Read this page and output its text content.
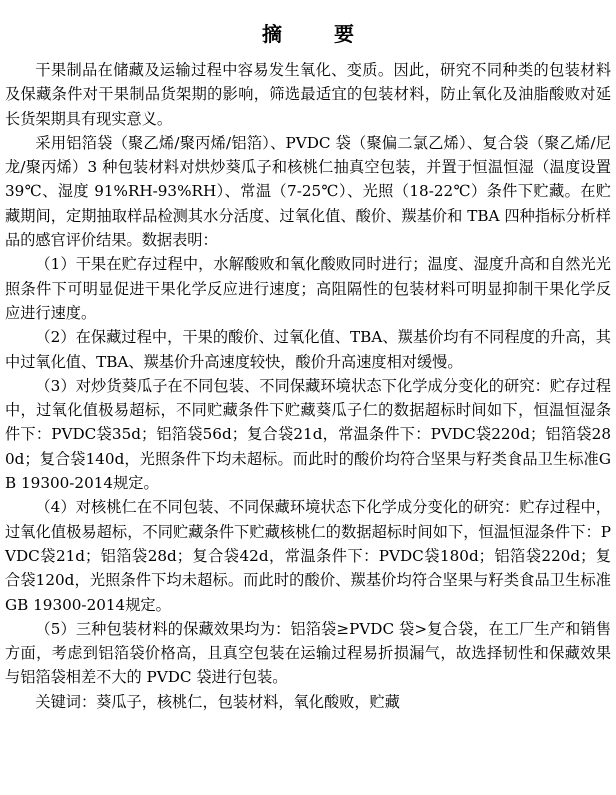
摘　要

干果制品在储藏及运输过程中容易发生氧化、变质。因此，研究不同种类的包装材料及保藏条件对干果制品货架期的影响，筛选最适宜的包装材料，防止氧化及油脂酸败对延长货架期具有现实意义。

采用铝箔袋（聚乙烯/聚丙烯/铝箔）、PVDC 袋（聚偏二氯乙烯）、复合袋（聚乙烯/尼龙/聚丙烯）3 种包装材料对烘炒葵瓜子和核桃仁抽真空包装，并置于恒温恒湿（温度设置 39℃、湿度 91%RH-93%RH）、常温（7-25℃）、光照（18-22℃）条件下贮藏。在贮藏期间，定期抽取样品检测其水分活度、过氧化值、酸价、羰基价和 TBA 四种指标分析样品的感官评价结果。数据表明：

（1）干果在贮存过程中，水解酸败和氧化酸败同时进行；温度、湿度升高和自然光光照条件下可明显促进干果化学反应进行速度；高阻隔性的包装材料可明显抑制干果化学反应进行速度。

（2）在保藏过程中，干果的酸价、过氧化值、TBA、羰基价均有不同程度的升高，其中过氧化值、TBA、羰基价升高速度较快，酸价升高速度相对缓慢。

（3）对炒货葵瓜子在不同包装、不同保藏环境状态下化学成分变化的研究：贮存过程中，过氧化值极易超标，不同贮藏条件下贮藏葵瓜子仁的数据超标时间如下，恒温恒湿条件下：PVDC袋35d；铝箔袋56d；复合袋21d，常温条件下：PVDC袋220d；铝箔袋280d；复合袋140d，光照条件下均未超标。而此时的酸价均符合坚果与籽类食品卫生标准GB 19300-2014规定。

（4）对核桃仁在不同包装、不同保藏环境状态下化学成分变化的研究：贮存过程中，过氧化值极易超标，不同贮藏条件下贮藏核桃仁的数据超标时间如下，恒温恒湿条件下：PVDC袋21d；铝箔袋28d；复合袋42d，常温条件下：PVDC袋180d；铝箔袋220d；复合袋120d，光照条件下均未超标。而此时的酸价、羰基价均符合坚果与籽类食品卫生标准GB 19300-2014规定。

（5）三种包装材料的保藏效果均为：铝箔袋≥PVDC 袋>复合袋，在工厂生产和销售方面，考虑到铝箔袋价格高，且真空包装在运输过程易折损漏气，故选择韧性和保藏效果与铝箔袋相差不大的 PVDC 袋进行包装。

关键词：葵瓜子，核桃仁，包装材料，氧化酸败，贮藏
